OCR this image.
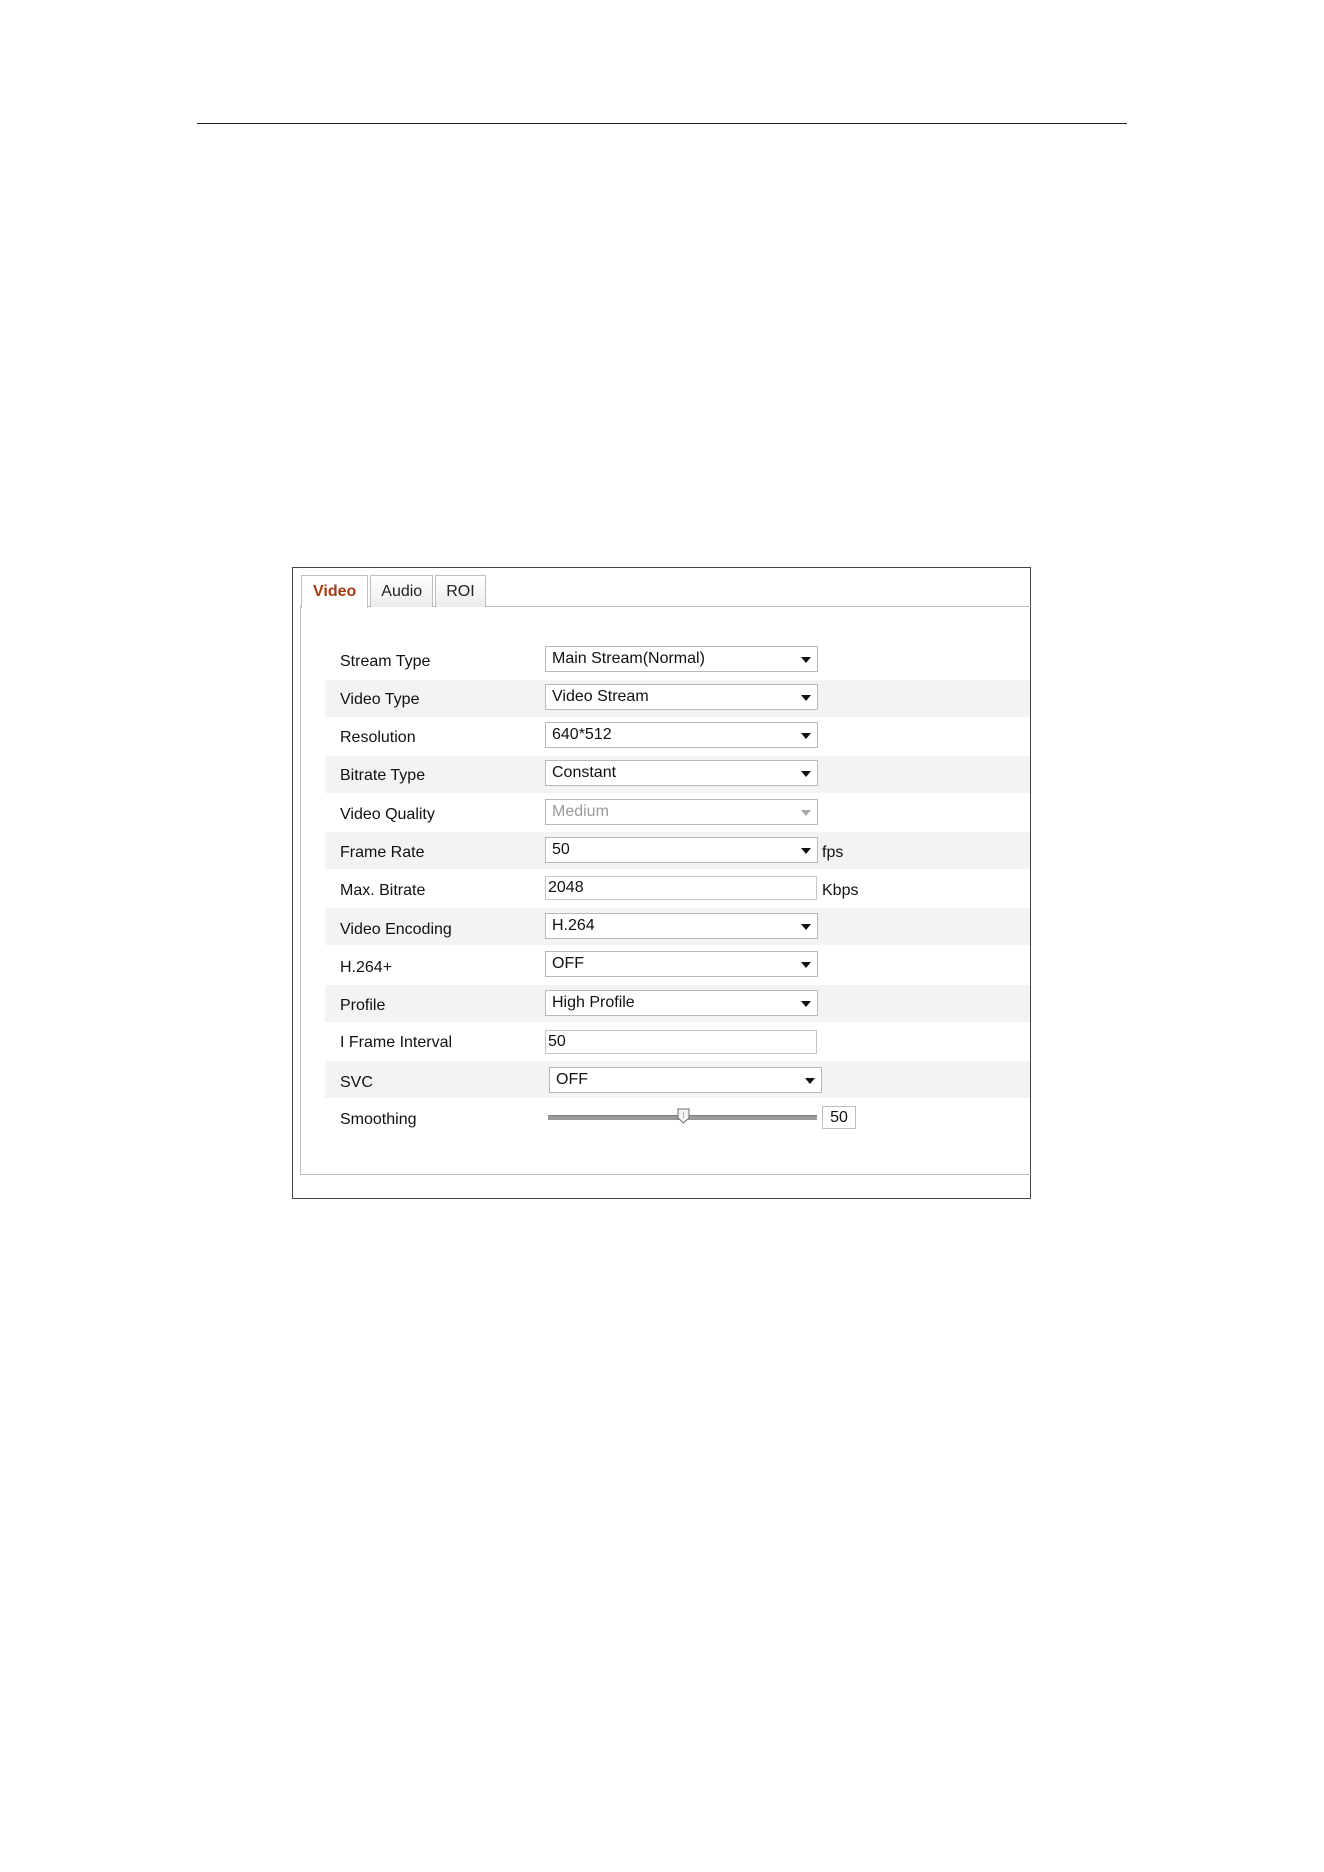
Video	Audio	ROI
Stream Type	Main Stream(Normal)
Video Type	Video Stream
Resolution	640*512
Bitrate Type	Constant
Video Quality	Medium
Frame Rate	50	fps
Max. Bitrate	2048	Kbps
Video Encoding	H.264
H.264+	OFF
Profile	High Profile
I Frame Interval	50
SVC	OFF
Smoothing	50
